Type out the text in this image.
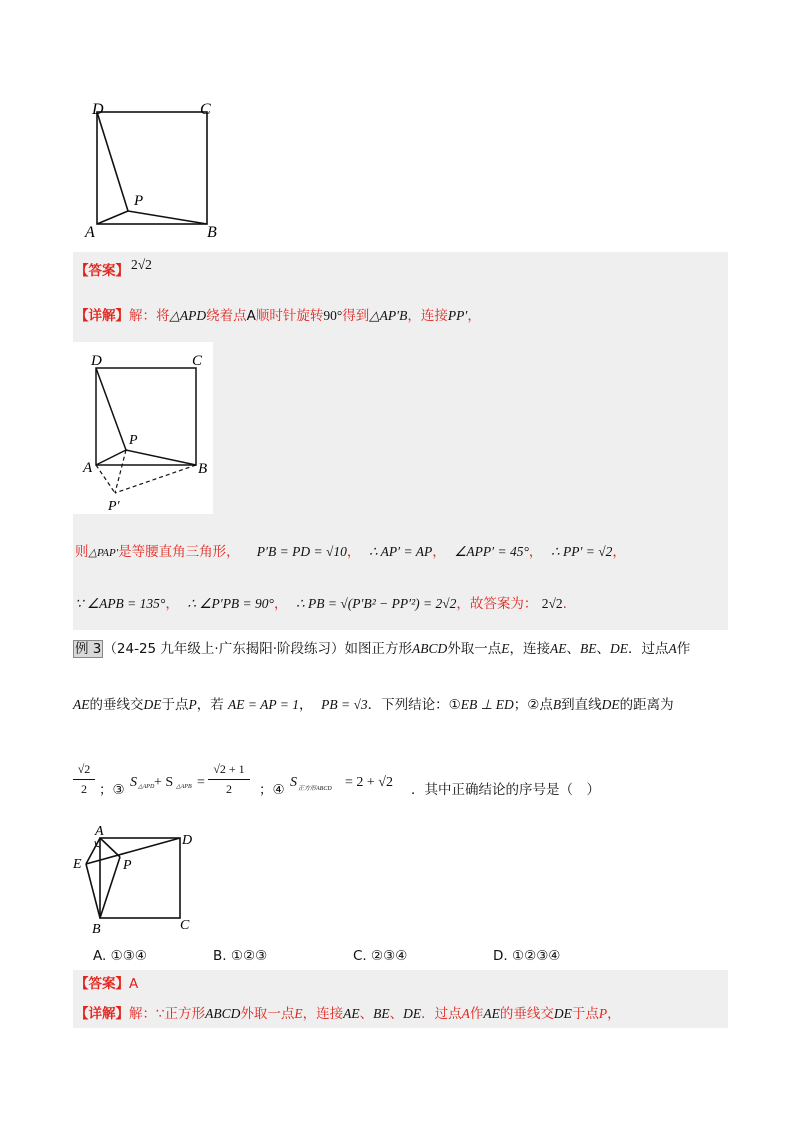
D	C
P
A	B
【答案】 2√2
【详解】解：将△APD绕着点A顺时针旋转90°得到△AP′B，连接PP′，
D	C
P
A	B
P′
则△PAP′是等腰直角三角形， P′B = PD = √10， ∴ AP′ = AP， ∠APP′ = 45°， ∴ PP′ = √2，
∵ ∠APB = 135°， ∴ ∠P′PB = 90°， ∴ PB = √(P′B² − PP′²) = 2√2，故答案为： 2√2.
例 3 （24-25 九年级上·广东揭阳·阶段练习）如图正方形ABCD外取一点E，连接AE、BE、DE．过点A作
AE的垂线交DE于点P，若 AE = AP = 1， PB = √3．下列结论：①EB ⊥ ED；②点B到直线DE的距离为
$\frac{√2}{2}$ ；③ S △APD + S △APB = $\frac{√2 + 1}{2}$ ；④ S 正方形ABCD = 2 + √2 ．其中正确结论的序号是（　）
A
D
E	P
B	C
A. ①③④	B. ①②③	C. ②③④	D. ①②③④
【答案】A
【详解】解：∵正方形ABCD外取一点E，连接AE、BE、DE．过点A作AE的垂线交DE于点P，
